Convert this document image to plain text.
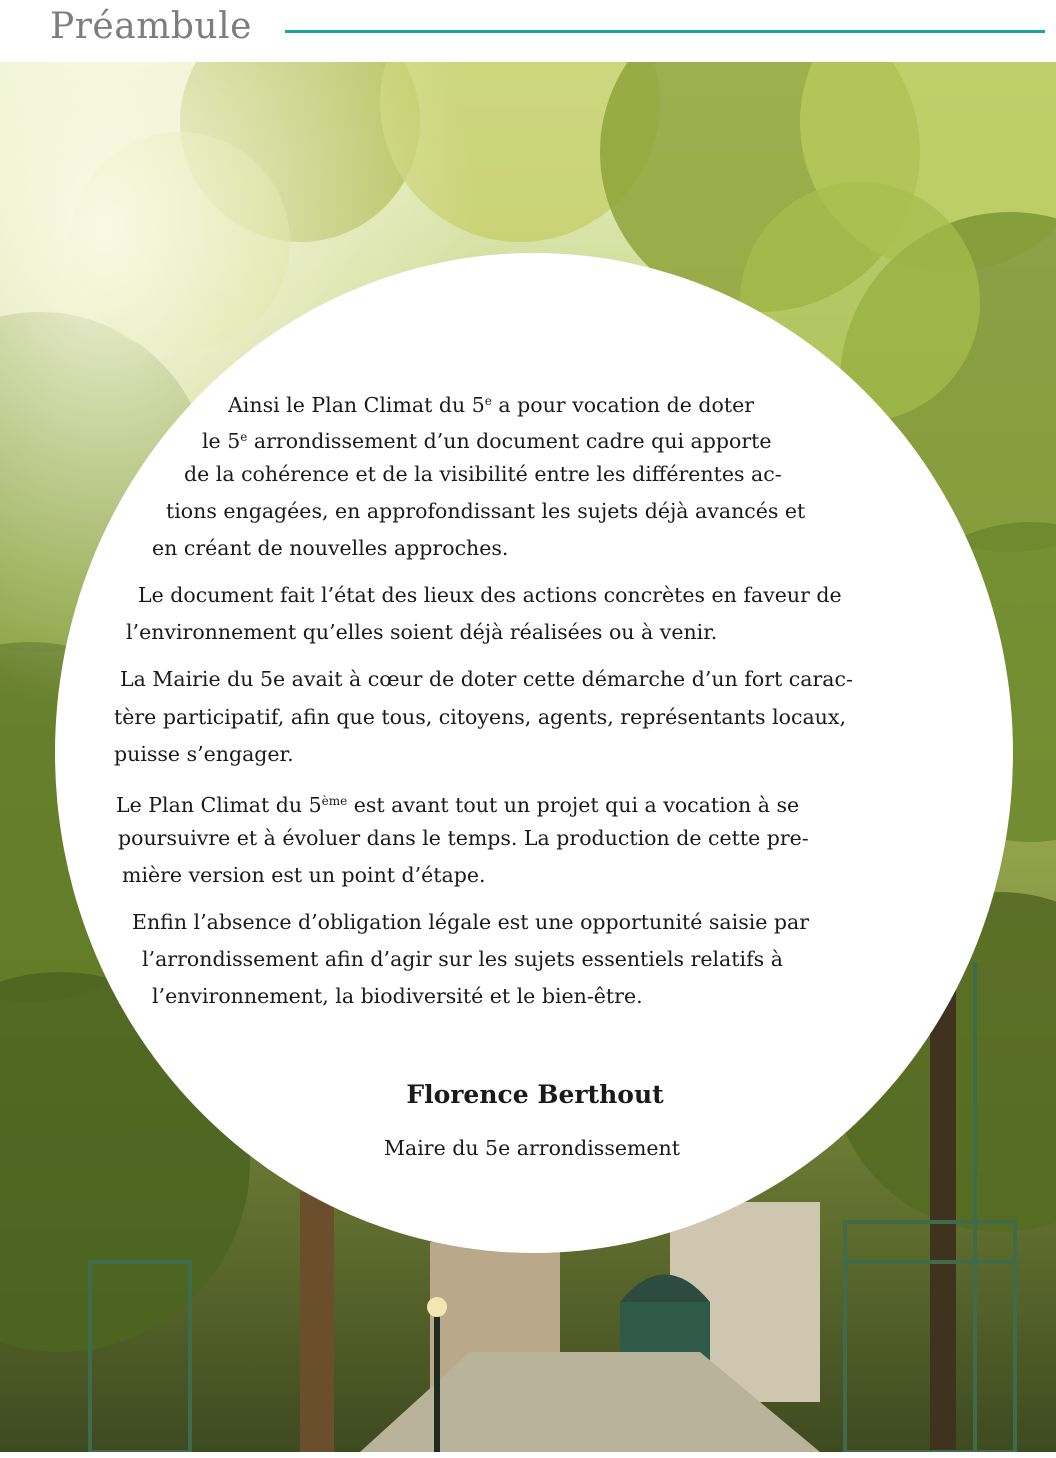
Préambule
Ainsi le Plan Climat du 5e a pour vocation de doter
le 5e arrondissement d’un document cadre qui apporte
de la cohérence et de la visibilité entre les différentes ac-
tions engagées, en approfondissant les sujets déjà avancés et
en créant de nouvelles approches.
Le document fait l’état des lieux des actions concrètes en faveur de
l’environnement qu’elles soient déjà réalisées ou à venir.
La Mairie du 5e avait à cœur de doter cette démarche d’un fort carac-
tère participatif, afin que tous, citoyens, agents, représentants locaux,
puisse s’engager.
Le Plan Climat du 5ème est avant tout un projet qui a vocation à se
poursuivre et à évoluer dans le temps. La production de cette pre-
mière version est un point d’étape.
Enfin l’absence d’obligation légale est une opportunité saisie par
l’arrondissement afin d’agir sur les sujets essentiels relatifs à
l’environnement, la biodiversité et le bien-être.
Florence Berthout
Maire du 5e arrondissement
